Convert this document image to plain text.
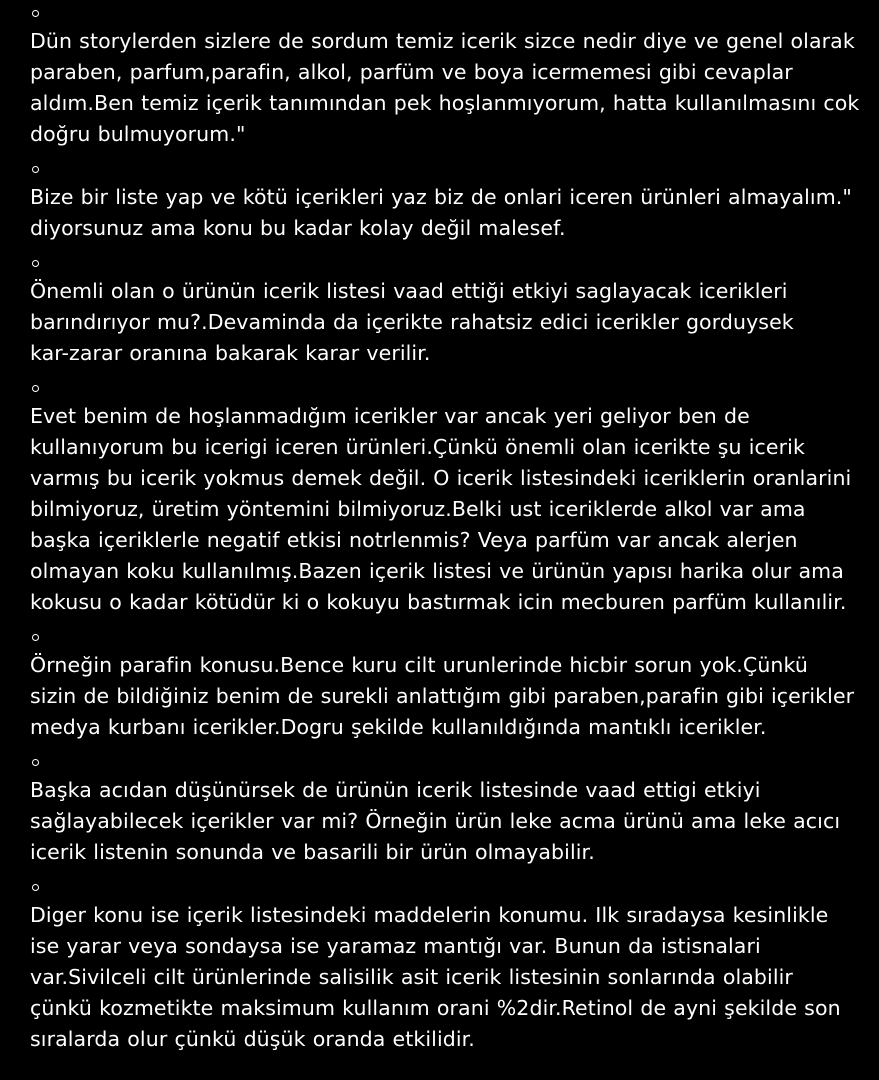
Dün storylerden sizlere de sordum temiz icerik sizce nedir diye ve genel olarak
paraben, parfum,parafin, alkol, parfüm ve boya icermemesi gibi cevaplar
aldım.Ben temiz içerik tanımından pek hoşlanmıyorum, hatta kullanılmasını cok
doğru bulmuyorum."

Bize bir liste yap ve kötü içerikleri yaz biz de onlari iceren ürünleri almayalım."
diyorsunuz ama konu bu kadar kolay değil malesef.

Önemli olan o ürünün icerik listesi vaad ettiği etkiyi saglayacak icerikleri
barındırıyor mu?.Devaminda da içerikte rahatsiz edici icerikler gorduysek
kar-zarar oranına bakarak karar verilir.

Evet benim de hoşlanmadığım icerikler var ancak yeri geliyor ben de
kullanıyorum bu icerigi iceren ürünleri.Çünkü önemli olan icerikte şu icerik
varmış bu icerik yokmus demek değil. O icerik listesindeki iceriklerin oranlarini
bilmiyoruz, üretim yöntemini bilmiyoruz.Belki ust iceriklerde alkol var ama
başka içeriklerle negatif etkisi notrlenmis? Veya parfüm var ancak alerjen
olmayan koku kullanılmış.Bazen içerik listesi ve ürünün yapısı harika olur ama
kokusu o kadar kötüdür ki o kokuyu bastırmak icin mecburen parfüm kullanılir.

Örneğin parafin konusu.Bence kuru cilt urunlerinde hicbir sorun yok.Çünkü
sizin de bildiğiniz benim de surekli anlattığım gibi paraben,parafin gibi içerikler
medya kurbanı icerikler.Dogru şekilde kullanıldığında mantıklı icerikler.

Başka acıdan düşünürsek de ürünün icerik listesinde vaad ettigi etkiyi
sağlayabilecek içerikler var mi? Örneğin ürün leke acma ürünü ama leke acıcı
icerik listenin sonunda ve basarili bir ürün olmayabilir.

Diger konu ise içerik listesindeki maddelerin konumu. Ilk sıradaysa kesinlikle
ise yarar veya sondaysa ise yaramaz mantığı var. Bunun da istisnalari
var.Sivilceli cilt ürünlerinde salisilik asit icerik listesinin sonlarında olabilir
çünkü kozmetikte maksimum kullanım orani %2dir.Retinol de ayni şekilde son
sıralarda olur çünkü düşük oranda etkilidir.
